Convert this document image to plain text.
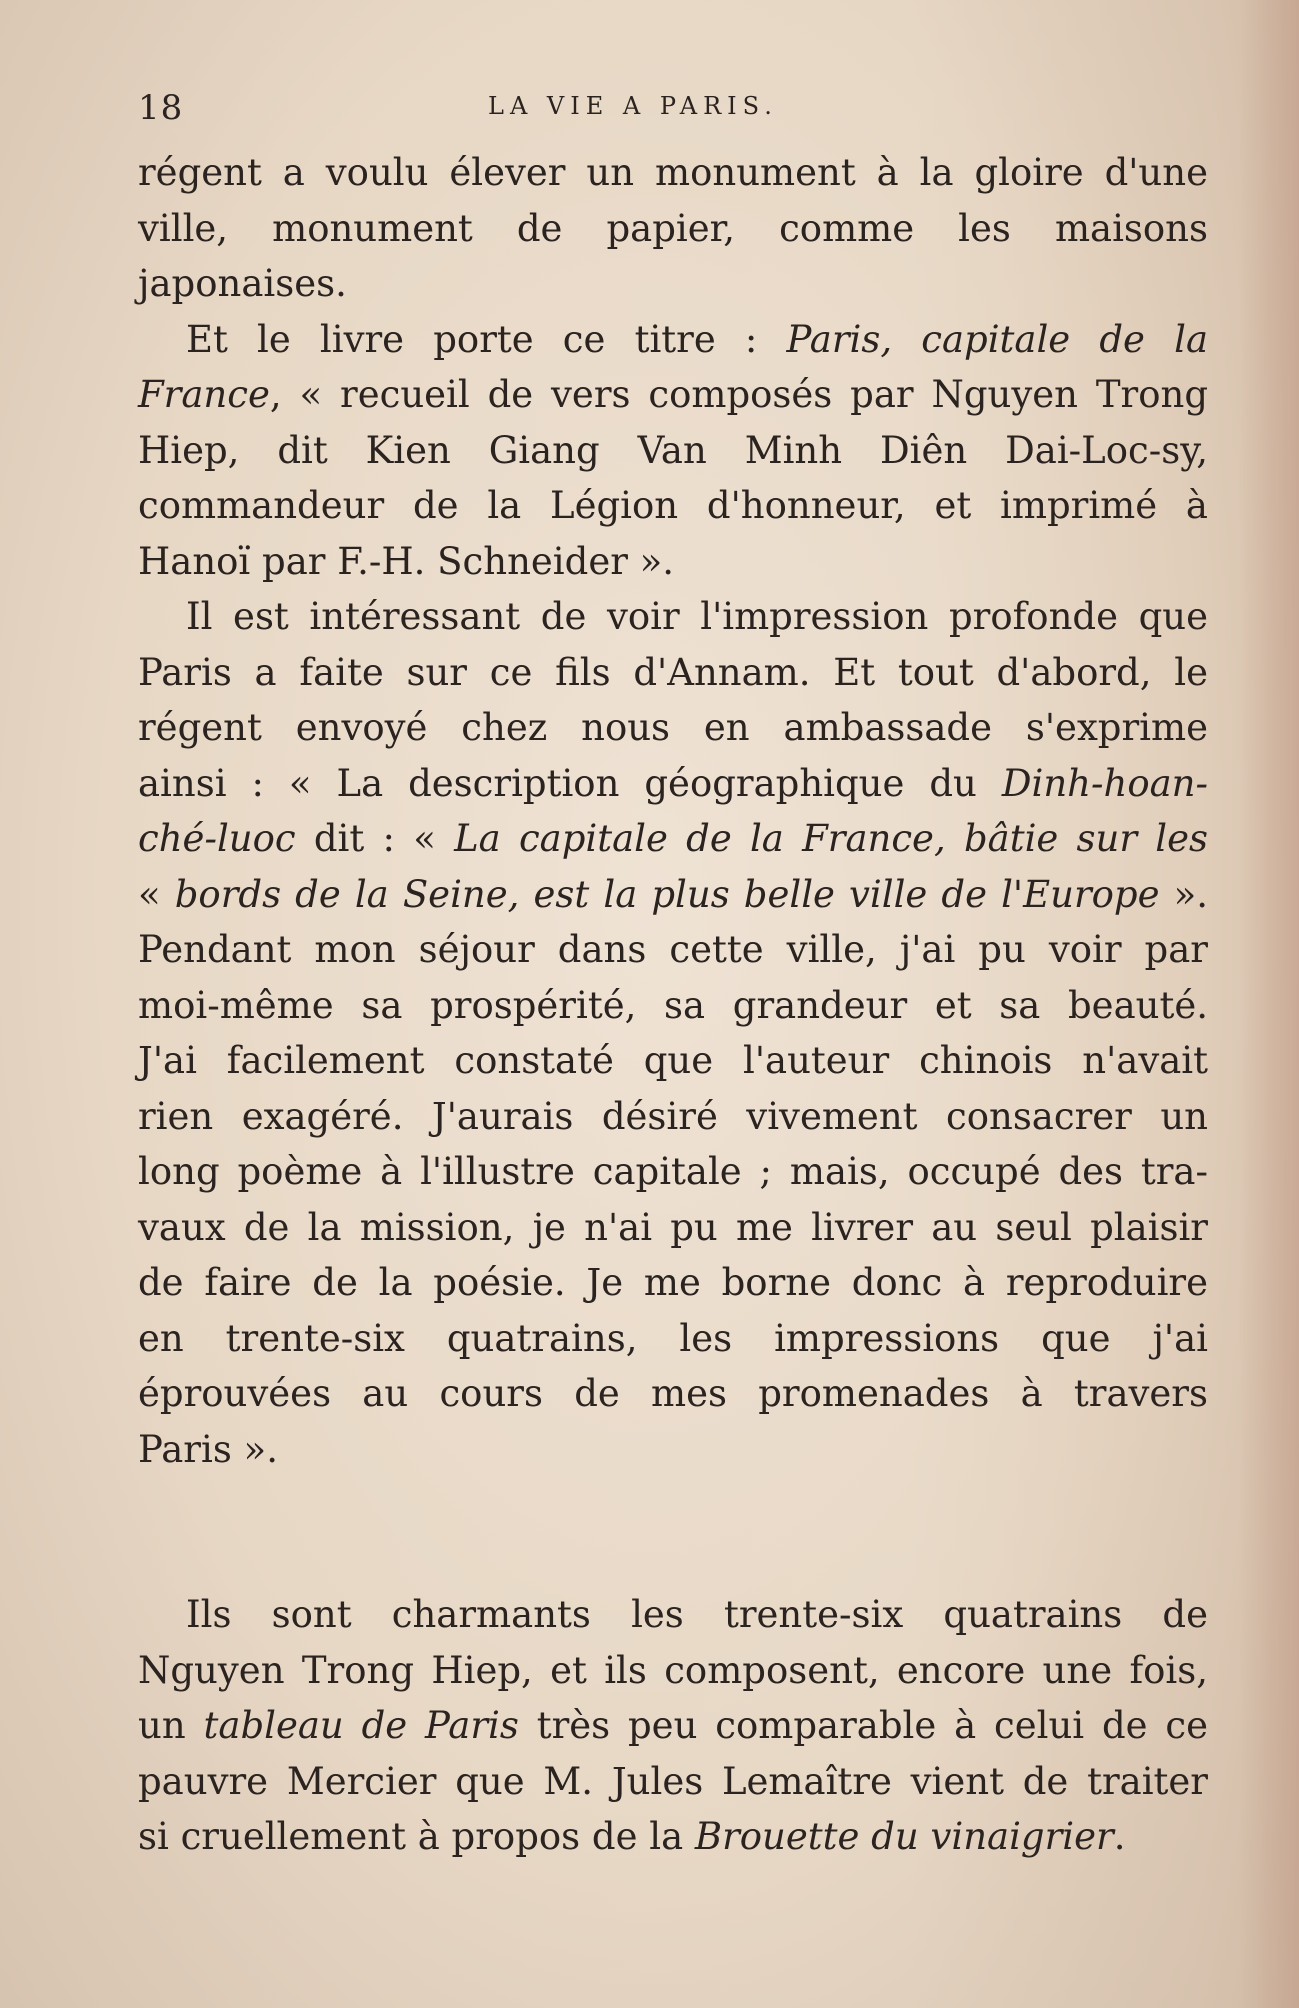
18	LA VIE A PARIS.
régent a voulu élever un monument à la gloire d'une
ville, monument de papier, comme les maisons
japonaises.
Et le livre porte ce titre : Paris, capitale de la
France, « recueil de vers composés par Nguyen Trong
Hiep, dit Kien Giang Van Minh Diên Dai-Loc-sy,
commandeur de la Légion d'honneur, et imprimé à
Hanoï par F.-H. Schneider ».
Il est intéressant de voir l'impression profonde que
Paris a faite sur ce fils d'Annam. Et tout d'abord, le
régent envoyé chez nous en ambassade s'exprime
ainsi : « La description géographique du Dinh-hoan-
ché-luoc dit : « La capitale de la France, bâtie sur les
« bords de la Seine, est la plus belle ville de l'Europe ».
Pendant mon séjour dans cette ville, j'ai pu voir par
moi-même sa prospérité, sa grandeur et sa beauté.
J'ai facilement constaté que l'auteur chinois n'avait
rien exagéré. J'aurais désiré vivement consacrer un
long poème à l'illustre capitale ; mais, occupé des tra-
vaux de la mission, je n'ai pu me livrer au seul plaisir
de faire de la poésie. Je me borne donc à reproduire
en trente-six quatrains, les impressions que j'ai
éprouvées au cours de mes promenades à travers
Paris ».
Ils sont charmants les trente-six quatrains de
Nguyen Trong Hiep, et ils composent, encore une fois,
un tableau de Paris très peu comparable à celui de ce
pauvre Mercier que M. Jules Lemaître vient de traiter
si cruellement à propos de la Brouette du vinaigrier.
